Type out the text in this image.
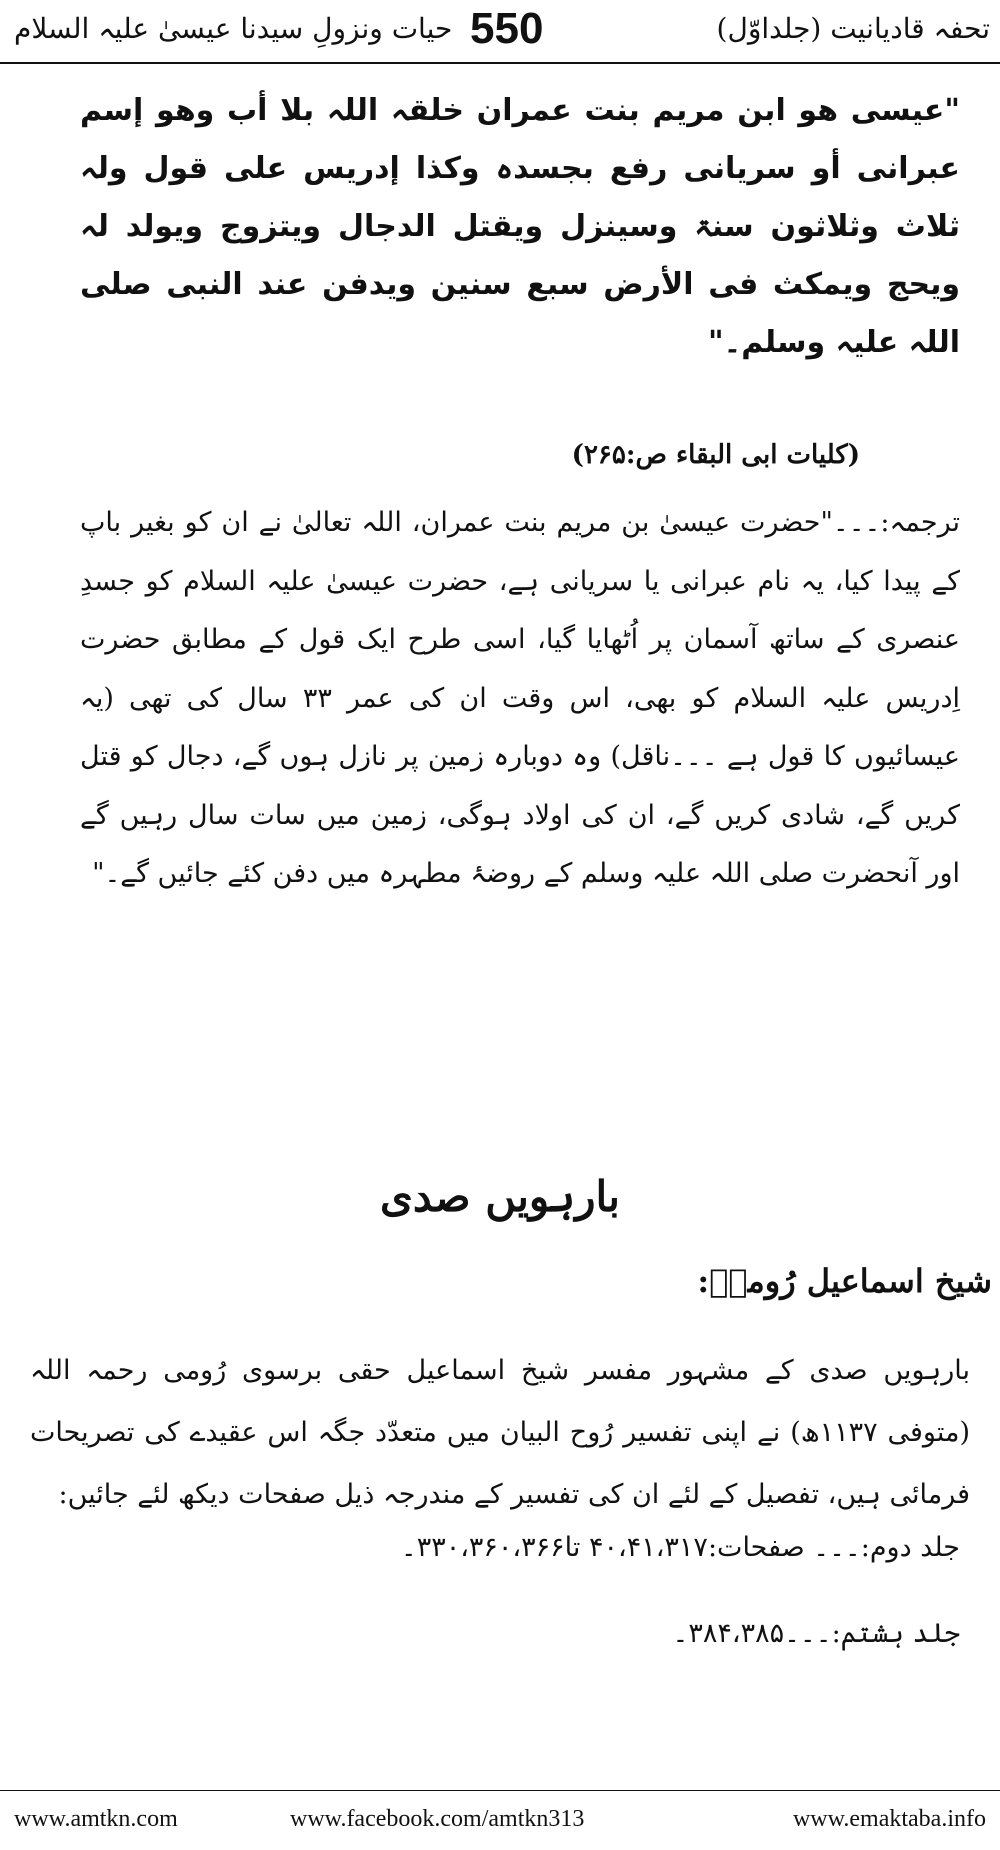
تحفہ قادیانیت (جلداوّل)
550
حیات ونزولِ سیدنا عیسیٰ علیہ السلام
"عیسی ھو ابن مریم بنت عمران خلقہ اللہ بلا أب وھو إسم عبرانی أو سریانی رفع بجسدہ وکذا إدریس علی قول ولہ ثلاث وثلاثون سنۃ وسینزل ویقتل الدجال ویتزوج ویولد لہ ویحج ویمکث فی الأرض سبع سنین ویدفن عند النبی صلی اللہ علیہ وسلم۔"
(کلیات ابی البقاء ص:۲۶۵)
ترجمہ:۔۔۔"حضرت عیسیٰ بن مریم بنت عمران، اللہ تعالیٰ نے ان کو بغیر باپ کے پیدا کیا، یہ نام عبرانی یا سریانی ہے، حضرت عیسیٰ علیہ السلام کو جسدِ عنصری کے ساتھ آسمان پر اُٹھایا گیا، اسی طرح ایک قول کے مطابق حضرت اِدریس علیہ السلام کو بھی، اس وقت ان کی عمر ۳۳ سال کی تھی (یہ عیسائیوں کا قول ہے ۔۔۔ناقل) وہ دوبارہ زمین پر نازل ہوں گے، دجال کو قتل کریں گے، شادی کریں گے، ان کی اولاد ہوگی، زمین میں سات سال رہیں گے اور آنحضرت صلی اللہ علیہ وسلم کے روضۂ مطہرہ میں دفن کئے جائیں گے۔"
بارہویں صدی
شیخ اسماعیل رُومیؒ:
بارہویں صدی کے مشہور مفسر شیخ اسماعیل حقی برسوی رُومی رحمہ اللہ (متوفی ۱۱۳۷ھ) نے اپنی تفسیر رُوح البیان میں متعدّد جگہ اس عقیدے کی تصریحات فرمائی ہیں، تفصیل کے لئے ان کی تفسیر کے مندرجہ ذیل صفحات دیکھ لئے جائیں:
جلد دوم:۔۔۔ صفحات:۴۰،۴۱،۳۱۷ تا۳۳۰،۳۶۰،۳۶۶۔
جلد ہشتم:۔۔۔۳۸۴،۳۸۵۔
www.amtkn.com	www.facebook.com/amtkn313	www.emaktaba.info
